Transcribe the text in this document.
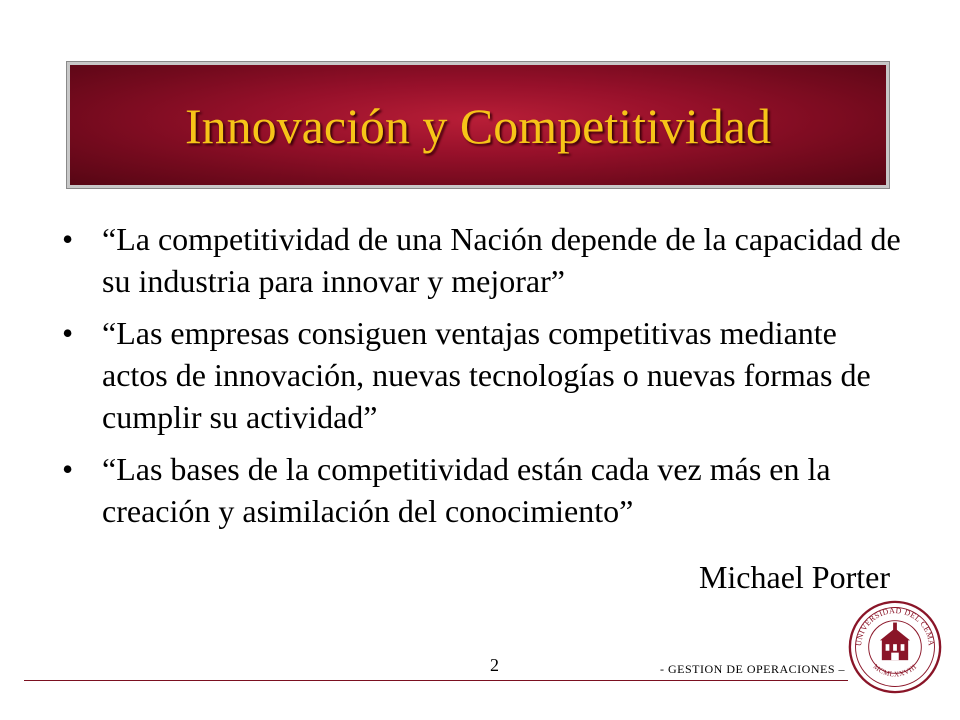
Innovación y Competitividad
• “La competitividad de una Nación depende de la capacidad de su industria para innovar y mejorar”
• “Las empresas consiguen ventajas competitivas mediante actos de innovación, nuevas tecnologías o nuevas formas de cumplir su actividad”
• “Las bases de la competitividad están cada vez más en la creación y asimilación del conocimiento”
Michael Porter
2	- GESTION DE OPERACIONES –
UNIVERSIDAD DEL CEMA
MCMLXXVIII
